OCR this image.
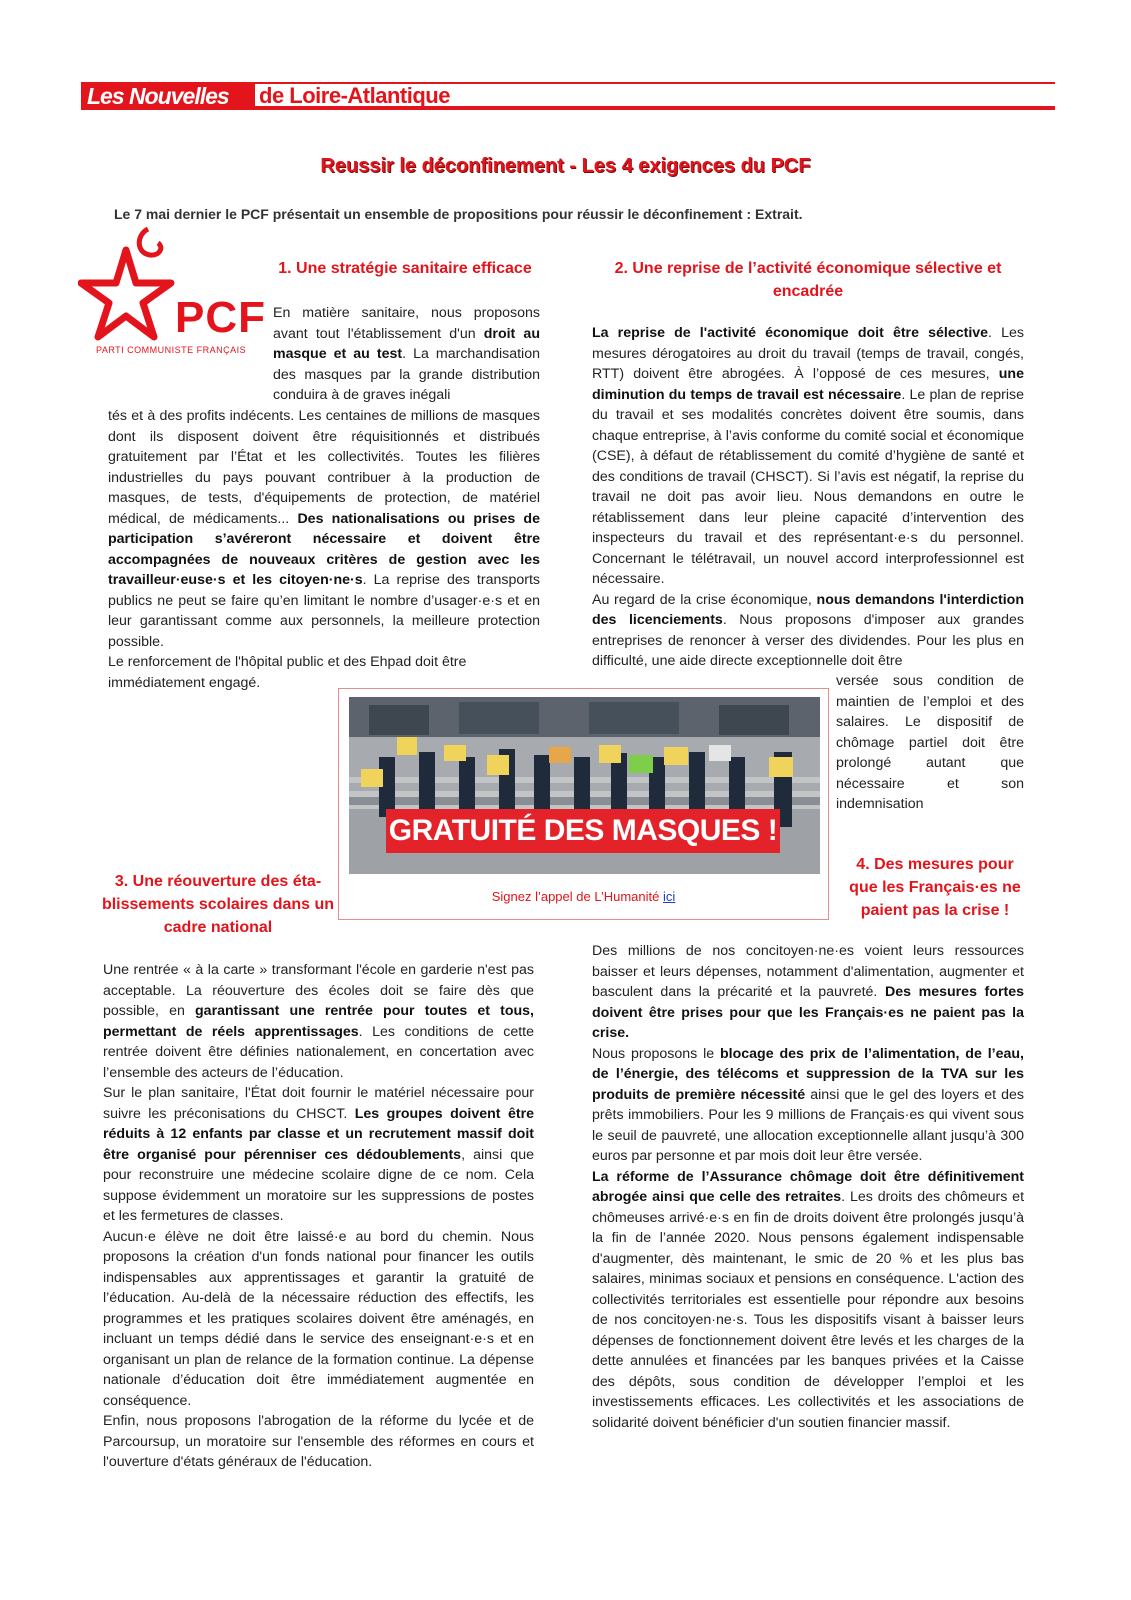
Les Nouvelles de Loire-Atlantique	2
Reussir le déconfinement - Les 4 exigences du PCF
Le 7 mai dernier le PCF présentait un ensemble de propositions pour réussir le déconfinement : Extrait.
PCF
PARTI COMMUNISTE FRANÇAIS
1. Une stratégie sanitaire efficace

En matière sanitaire, nous proposons avant tout l'établissement d'un droit au masque et au test. La marchandisation des masques par la grande distribution conduira à de graves inégali

tés et à des profits indécents. Les centaines de millions de masques dont ils disposent doivent être réquisitionnés et distribués gratuitement par l’État et les collectivités. Toutes les filières industrielles du pays pouvant contribuer à la production de masques, de tests, d'équipements de protection, de matériel médical, de médicaments... Des nationalisations ou prises de participation s’avéreront nécessaire et doivent être accompagnées de nouveaux critères de gestion avec les travailleur·euse·s et les citoyen·ne·s. La reprise des transports publics ne peut se faire qu’en limitant le nombre d’usager·e·s et en leur garantissant comme aux personnels, la meilleure protection possible.

Le renforcement de l'hôpital public et des Ehpad doit être immédiatement engagé.

2. Une reprise de l’activité économique sélective et
encadrée

La reprise de l'activité économique doit être sélective. Les mesures dérogatoires au droit du travail (temps de travail, congés, RTT) doivent être abrogées. À l’opposé de ces mesures, une diminution du temps de travail est nécessaire. Le plan de reprise du travail et ses modalités concrètes doivent être soumis, dans chaque entreprise, à l’avis conforme du comité social et économique (CSE), à défaut de rétablissement du comité d’hygiène de santé et des conditions de travail (CHSCT). Si l’avis est négatif, la reprise du travail ne doit pas avoir lieu. Nous demandons en outre le rétablissement dans leur pleine capacité d’intervention des inspecteurs du travail et des représentant·e·s du personnel. Concernant le télétravail, un nouvel accord interprofessionnel est nécessaire.

Au regard de la crise économique, nous demandons l'interdiction des licenciements. Nous proposons d'imposer aux grandes entreprises de renoncer à verser des dividendes. Pour les plus en difficulté, une aide directe exceptionnelle doit être

versée sous condition de maintien de l’emploi et des salaires. Le dispositif de chômage partiel doit être prolongé autant que nécessaire et son indemnisation

GRATUITÉ DES MASQUES !
Signez l’appel de L’Humanité ici
3. Une réouverture des éta-
blissements scolaires dans un
cadre national

Une rentrée « à la carte » transformant l'école en garderie n'est pas acceptable. La réouverture des écoles doit se faire dès que possible, en garantissant une rentrée pour toutes et tous, permettant de réels apprentissages. Les conditions de cette rentrée doivent être définies nationalement, en concertation avec l’ensemble des acteurs de l’éducation.

Sur le plan sanitaire, l'État doit fournir le matériel nécessaire pour suivre les préconisations du CHSCT. Les groupes doivent être réduits à 12 enfants par classe et un recrutement massif doit être organisé pour pérenniser ces dédoublements, ainsi que pour reconstruire une médecine scolaire digne de ce nom. Cela suppose évidemment un moratoire sur les suppressions de postes et les fermetures de classes.

Aucun·e élève ne doit être laissé·e au bord du chemin. Nous proposons la création d'un fonds national pour financer les outils indispensables aux apprentissages et garantir la gratuité de l’éducation. Au-delà de la nécessaire réduction des effectifs, les programmes et les pratiques scolaires doivent être aménagés, en incluant un temps dédié dans le service des enseignant·e·s et en organisant un plan de relance de la formation continue. La dépense nationale d’éducation doit être immédiatement augmentée en conséquence.

Enfin, nous proposons l'abrogation de la réforme du lycée et de Parcoursup, un moratoire sur l'ensemble des réformes en cours et l'ouverture d'états généraux de l'éducation.

4. Des mesures pour
que les Français·es ne
paient pas la crise !

Des millions de nos concitoyen·ne·es voient leurs ressources baisser et leurs dépenses, notamment d'alimentation, augmenter et basculent dans la précarité et la pauvreté. Des mesures fortes doivent être prises pour que les Français·es ne paient pas la crise.

Nous proposons le blocage des prix de l’alimentation, de l’eau, de l’énergie, des télécoms et suppression de la TVA sur les produits de première nécessité ainsi que le gel des loyers et des prêts immobiliers. Pour les 9 millions de Français·es qui vivent sous le seuil de pauvreté, une allocation exceptionnelle allant jusqu’à 300 euros par personne et par mois doit leur être versée.

La réforme de l’Assurance chômage doit être définitivement abrogée ainsi que celle des retraites. Les droits des chômeurs et chômeuses arrivé·e·s en fin de droits doivent être prolongés jusqu’à la fin de l’année 2020. Nous pensons également indispensable d'augmenter, dès maintenant, le smic de 20 % et les plus bas salaires, minimas sociaux et pensions en conséquence. L'action des collectivités territoriales est essentielle pour répondre aux besoins de nos concitoyen·ne·s. Tous les dispositifs visant à baisser leurs dépenses de fonctionnement doivent être levés et les charges de la dette annulées et financées par les banques privées et la Caisse des dépôts, sous condition de développer l’emploi et les investissements efficaces. Les collectivités et les associations de solidarité doivent bénéficier d'un soutien financier massif.
